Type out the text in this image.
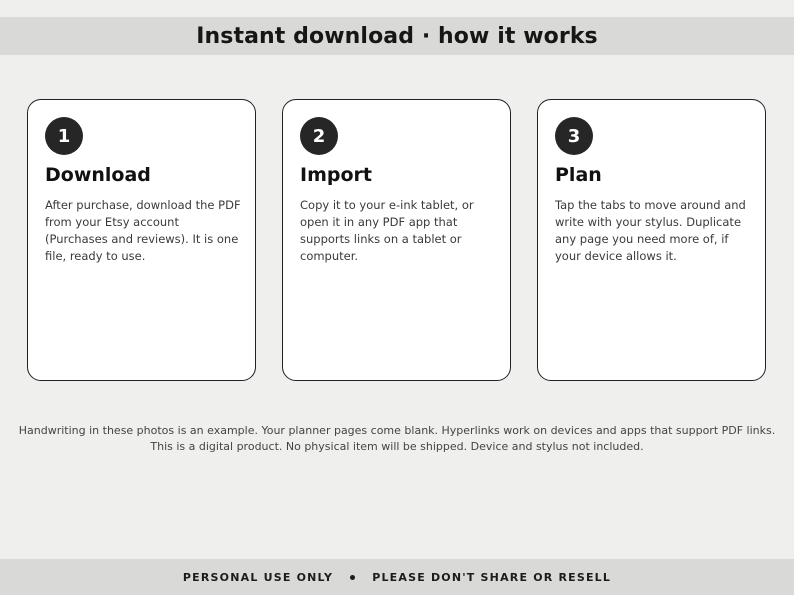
Instant download · how it works
1
Download
After purchase, download the PDF from your Etsy account (Purchases and reviews). It is one file, ready to use.
2
Import
Copy it to your e-ink tablet, or open it in any PDF app that supports links on a tablet or computer.
3
Plan
Tap the tabs to move around and write with your stylus. Duplicate any page you need more of, if your device allows it.
Handwriting in these photos is an example. Your planner pages come blank. Hyperlinks work on devices and apps that support PDF links.
This is a digital product. No physical item will be shipped. Device and stylus not included.
PERSONAL USE ONLY	PLEASE DON'T SHARE OR RESELL
